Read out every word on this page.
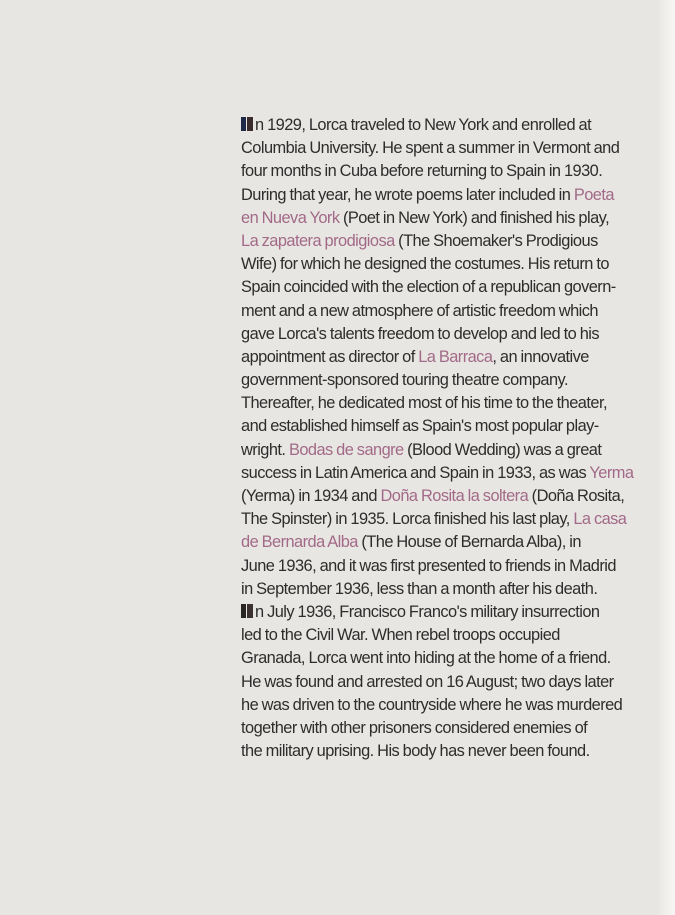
n 1929, Lorca traveled to New York and enrolled at
Columbia University. He spent a summer in Vermont and
four months in Cuba before returning to Spain in 1930.
During that year, he wrote poems later included in Poeta
en Nueva York (Poet in New York) and finished his play,
La zapatera prodigiosa (The Shoemaker's Prodigious
Wife) for which he designed the costumes. His return to
Spain coincided with the election of a republican govern-
ment and a new atmosphere of artistic freedom which
gave Lorca's talents freedom to develop and led to his
appointment as director of La Barraca, an innovative
government-sponsored touring theatre company.
Thereafter, he dedicated most of his time to the theater,
and established himself as Spain's most popular play-
wright. Bodas de sangre (Blood Wedding) was a great
success in Latin America and Spain in 1933, as was Yerma
(Yerma) in 1934 and Doña Rosita la soltera (Doña Rosita,
The Spinster) in 1935. Lorca finished his last play, La casa
de Bernarda Alba (The House of Bernarda Alba), in
June 1936, and it was first presented to friends in Madrid
in September 1936, less than a month after his death.
n July 1936, Francisco Franco's military insurrection
led to the Civil War. When rebel troops occupied
Granada, Lorca went into hiding at the home of a friend.
He was found and arrested on 16 August; two days later
he was driven to the countryside where he was murdered
together with other prisoners considered enemies of
the military uprising. His body has never been found.
